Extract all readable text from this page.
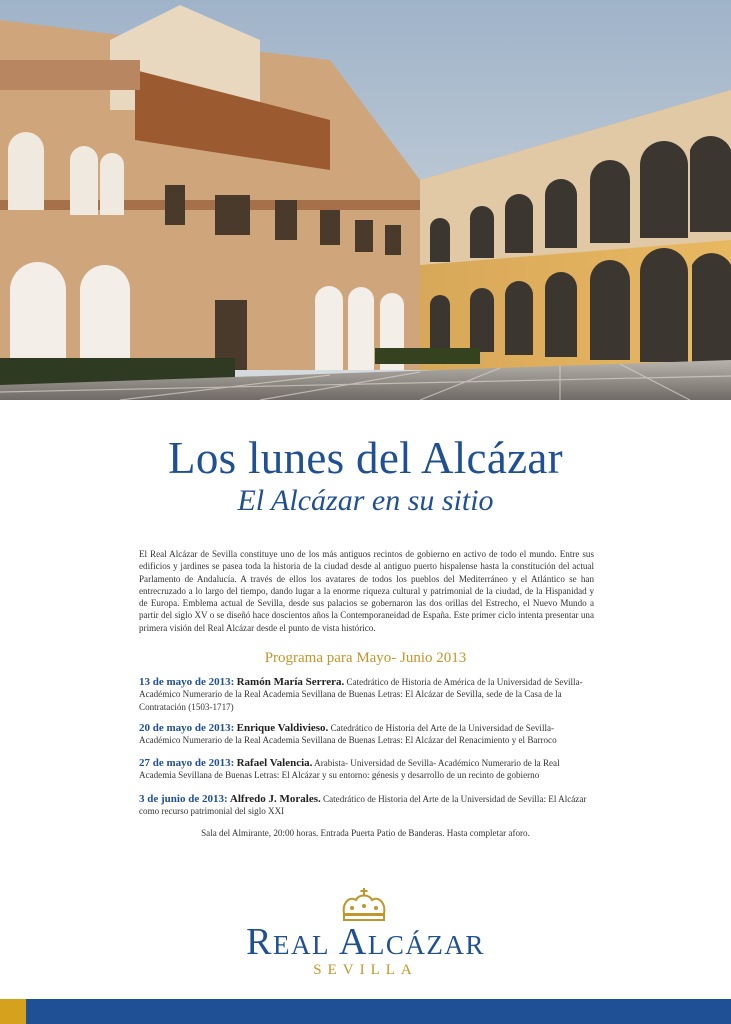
Los lunes del Alcázar
El Alcázar en su sitio

El Real Alcázar de Sevilla constituye uno de los más antiguos recintos de gobierno en activo de todo el mundo. Entre sus edificios y jardines se pasea toda la historia de la ciudad desde al antiguo puerto hispalense hasta la constitución del actual Parlamento de Andalucía. A través de ellos los avatares de todos los pueblos del Mediterráneo y el Atlántico se han entrecruzado a lo largo del tiempo, dando lugar a la enorme riqueza cultural y patrimonial de la ciudad, de la Hispanidad y de Europa. Emblema actual de Sevilla, desde sus palacios se gobernaron las dos orillas del Estrecho, el Nuevo Mundo a partir del siglo XV o se diseñó hace doscientos años la Contemporaneidad de España. Este primer ciclo intenta presentar una primera visión del Real Alcázar desde el punto de vista histórico.

Programa para Mayo- Junio 2013
13 de mayo de 2013: Ramón María Serrera. Catedrático de Historia de América de la Universidad de Sevilla- Académico Numerario de la Real Academia Sevillana de Buenas Letras: El Alcázar de Sevilla, sede de la Casa de la Contratación (1503-1717)
20 de mayo de 2013: Enrique Valdivieso. Catedrático de Historia del Arte de la Universidad de Sevilla- Académico Numerario de la Real Academia Sevillana de Buenas Letras: El Alcázar del Renacimiento y el Barroco
27 de mayo de 2013: Rafael Valencia. Arabista- Universidad de Sevilla- Académico Numerario de la Real Academia Sevillana de Buenas Letras: El Alcázar y su entorno: génesis y desarrollo de un recinto de gobierno
3 de junio de 2013: Alfredo J. Morales. Catedrático de Historia del Arte de la Universidad de Sevilla: El Alcázar como recurso patrimonial del siglo XXI
Sala del Almirante, 20:00 horas. Entrada Puerta Patio de Banderas. Hasta completar aforo.
Real Alcázar
SEVILLA
